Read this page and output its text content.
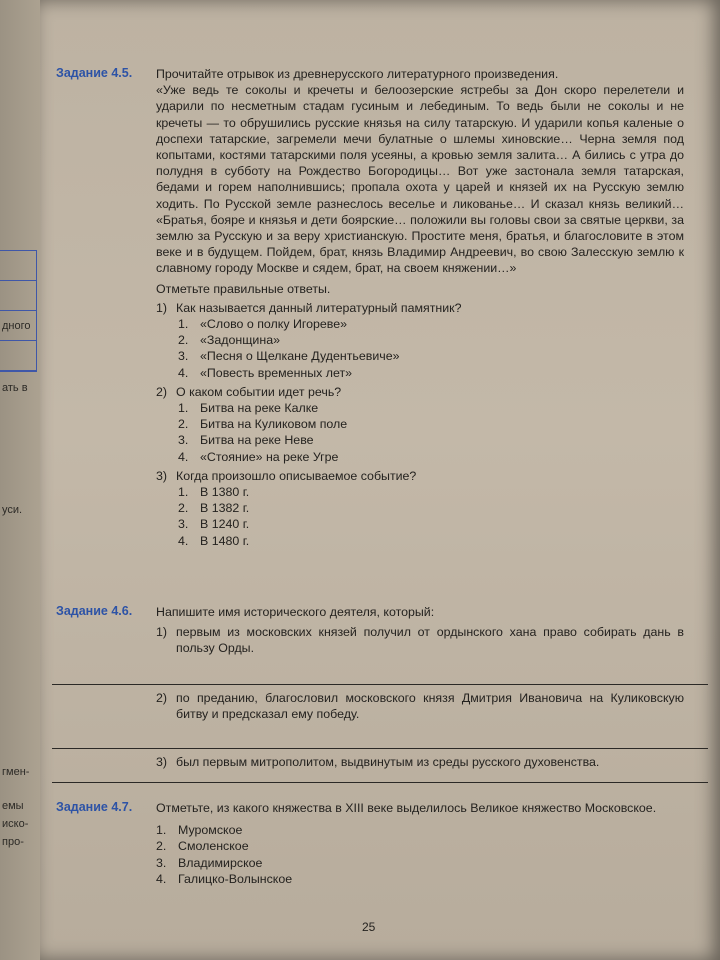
дного
ать в
уси.
гмен-
емы
иско-
про-
Задание 4.5.	Прочитайте отрывок из древнерусского литературного произведения.
«Уже ведь те соколы и кречеты и белоозерские ястребы за Дон скоро перелетели и ударили по несметным стадам гусиным и лебединым. То ведь были не соколы и не кречеты — то обрушились русские князья на силу татарскую. И ударили копья каленые о доспехи татарские, загремели мечи булатные о шлемы хиновские… Черна земля под копытами, костями татарскими поля усеяны, а кровью земля залита… А бились с утра до полудня в субботу на Рождество Богородицы… Вот уже застонала земля татарская, бедами и горем наполнившись; пропала охота у царей и князей их на Русскую землю ходить. По Русской земле разнеслось веселье и ликованье… И сказал князь великий… «Братья, бояре и князья и дети боярские… положили вы головы свои за святые церкви, за землю за Русскую и за веру христианскую. Простите меня, братья, и благословите в этом веке и в будущем. Пойдем, брат, князь Владимир Андреевич, во свою Залесскую землю к славному городу Москве и сядем, брат, на своем княжении…»
Отметьте правильные ответы.
1) Как называется данный литературный памятник?
1. «Слово о полку Игореве»
2. «Задонщина»
3. «Песня о Щелкане Дудентьевиче»
4. «Повесть временных лет»
2) О каком событии идет речь?
1. Битва на реке Калке
2. Битва на Куликовом поле
3. Битва на реке Неве
4. «Стояние» на реке Угре
3) Когда произошло описываемое событие?
1. В 1380 г.
2. В 1382 г.
3. В 1240 г.
4. В 1480 г.
Задание 4.6.	Напишите имя исторического деятеля, который:
1) первым из московских князей получил от ордынского хана право собирать дань в пользу Орды.
2) по преданию, благословил московского князя Дмитрия Ивановича на Куликовскую битву и предсказал ему победу.
3) был первым митрополитом, выдвинутым из среды русского духовенства.
Задание 4.7.	Отметьте, из какого княжества в XIII веке выделилось Великое княжество Московское.
1. Муромское
2. Смоленское
3. Владимирское
4. Галицко-Волынское
25
